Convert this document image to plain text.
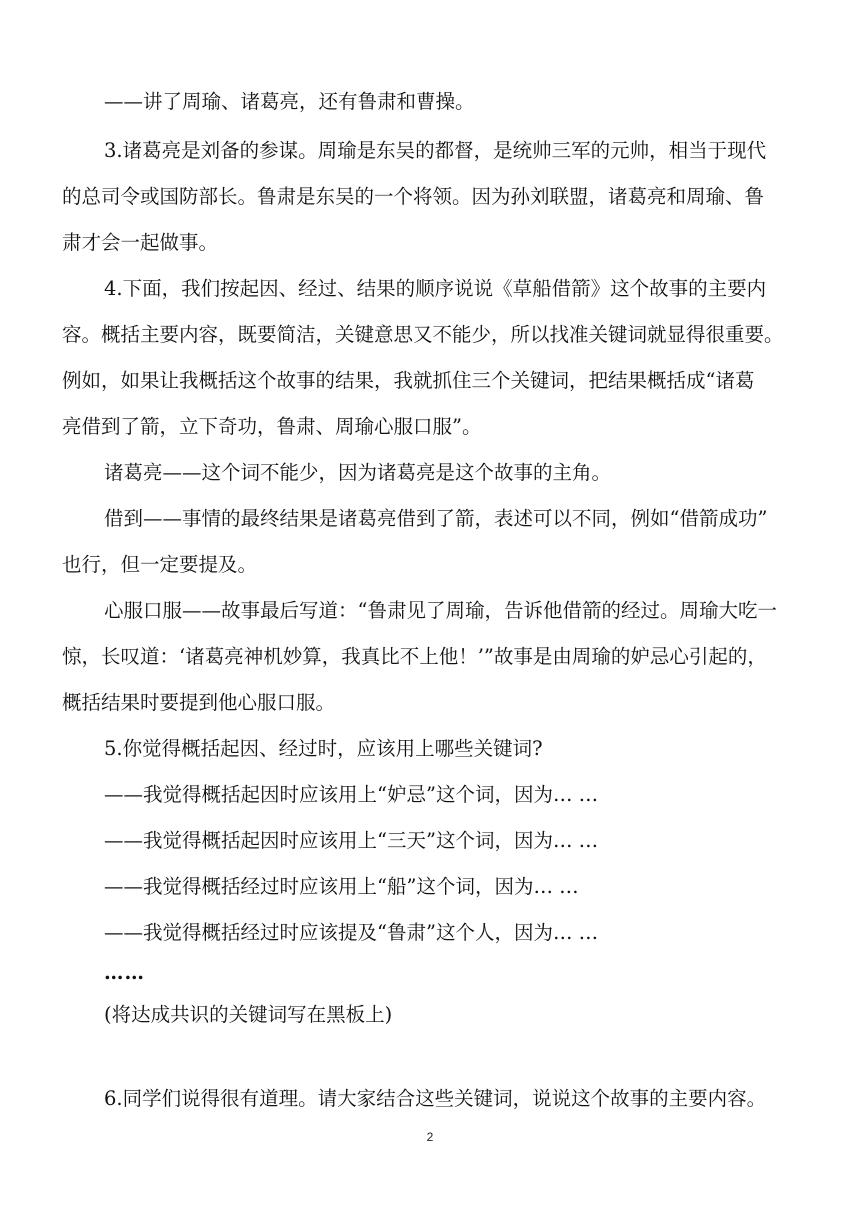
——讲了周瑜、诸葛亮，还有鲁肃和曹操。
3.诸葛亮是刘备的参谋。周瑜是东吴的都督，是统帅三军的元帅，相当于现代
的总司令或国防部长。鲁肃是东吴的一个将领。因为孙刘联盟，诸葛亮和周瑜、鲁
肃才会一起做事。
4.下面，我们按起因、经过、结果的顺序说说《草船借箭》这个故事的主要内
容。概括主要内容，既要简洁，关键意思又不能少，所以找准关键词就显得很重要。
例如，如果让我概括这个故事的结果，我就抓住三个关键词，把结果概括成“诸葛
亮借到了箭，立下奇功，鲁肃、周瑜心服口服”。
诸葛亮——这个词不能少，因为诸葛亮是这个故事的主角。
借到——事情的最终结果是诸葛亮借到了箭，表述可以不同，例如“借箭成功”
也行，但一定要提及。
心服口服——故事最后写道：“鲁肃见了周瑜，告诉他借箭的经过。周瑜大吃一
惊，长叹道：‘诸葛亮神机妙算，我真比不上他！’”故事是由周瑜的妒忌心引起的，
概括结果时要提到他心服口服。
5.你觉得概括起因、经过时，应该用上哪些关键词?
——我觉得概括起因时应该用上“妒忌”这个词，因为… …
——我觉得概括起因时应该用上“三天”这个词，因为… …
——我觉得概括经过时应该用上“船”这个词，因为… …
——我觉得概括经过时应该提及“鲁肃”这个人，因为… …
……
(将达成共识的关键词写在黑板上)
6.同学们说得很有道理。请大家结合这些关键词，说说这个故事的主要内容。
2
